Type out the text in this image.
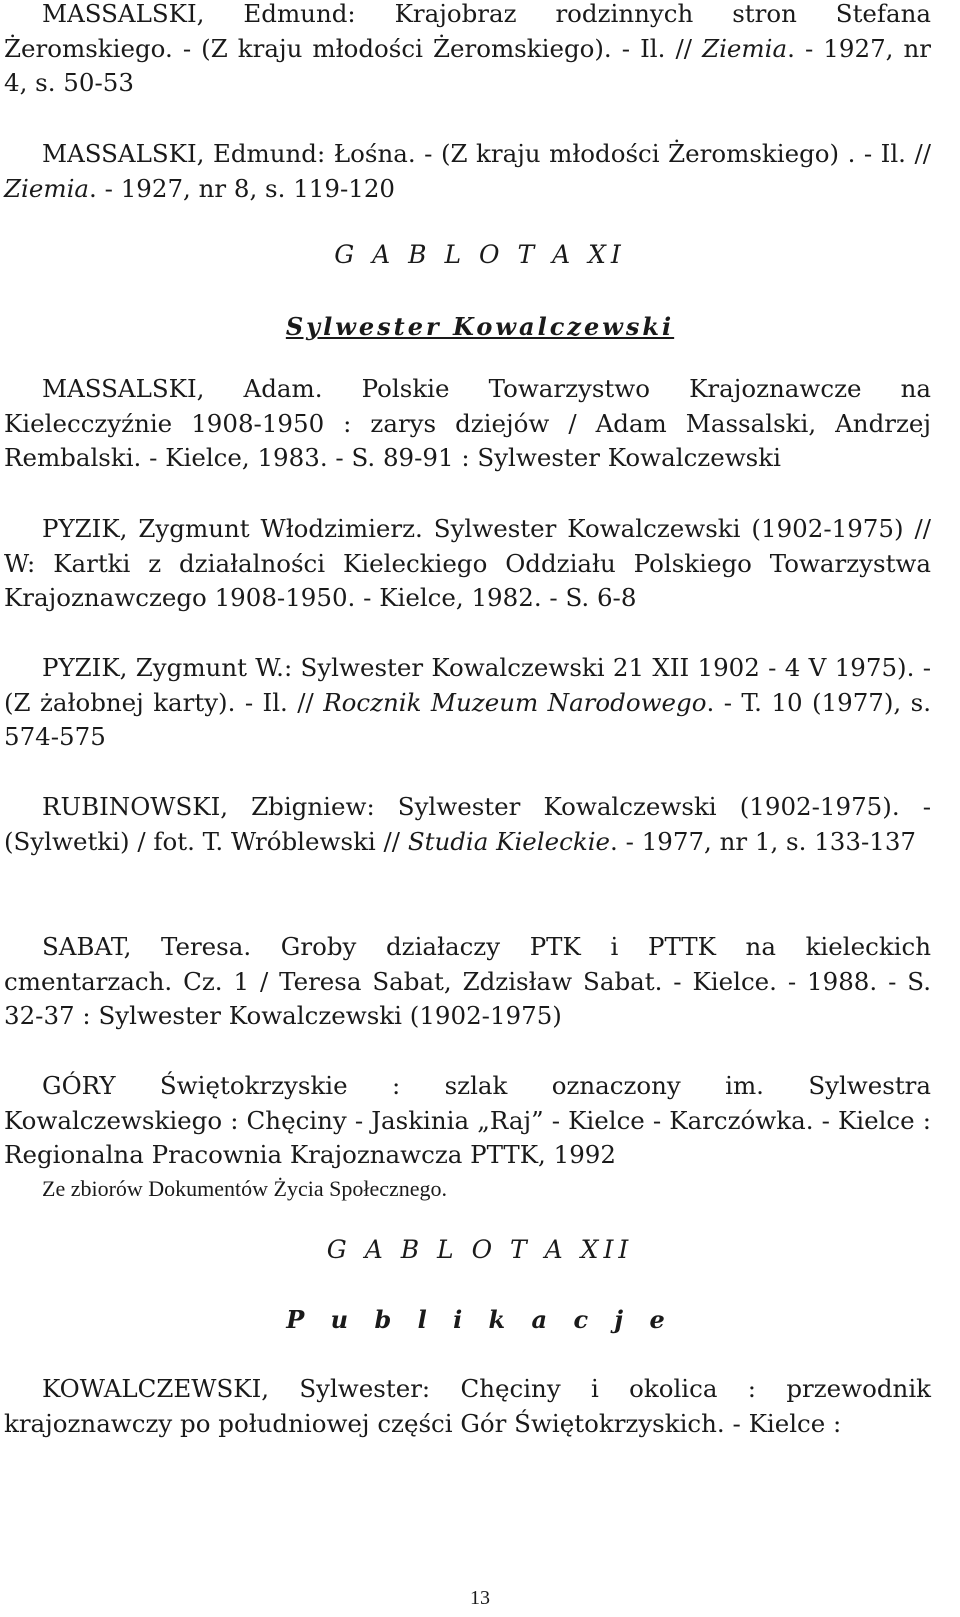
MASSALSKI, Edmund: Krajobraz rodzinnych stron Stefana Żeromskiego. - (Z kraju młodości Żeromskiego). - Il. // Ziemia. - 1927, nr 4, s. 50-53

MASSALSKI, Edmund: Łośna. - (Z kraju młodości Żeromskiego) . - Il. // Ziemia. - 1927, nr 8, s. 119-120

G A B L O T A XI
Sylwester Kowalczewski

MASSALSKI, Adam. Polskie Towarzystwo Krajoznawcze na Kielecczyźnie 1908-1950 : zarys dziejów / Adam Massalski, Andrzej Rembalski. - Kielce, 1983. - S. 89-91 : Sylwester Kowalczewski

PYZIK, Zygmunt Włodzimierz. Sylwester Kowalczewski (1902-1975) // W: Kartki z działalności Kieleckiego Oddziału Polskiego Towarzystwa Krajoznawczego 1908-1950. - Kielce, 1982. - S. 6-8

PYZIK, Zygmunt W.: Sylwester Kowalczewski 21 XII 1902 - 4 V 1975). - (Z żałobnej karty). - Il. // Rocznik Muzeum Narodowego. - T. 10 (1977), s. 574-575

RUBINOWSKI, Zbigniew: Sylwester Kowalczewski (1902-1975). - (Sylwetki) / fot. T. Wróblewski // Studia Kieleckie. - 1977, nr 1, s. 133-137

SABAT, Teresa. Groby działaczy PTK i PTTK na kieleckich cmentarzach. Cz. 1 / Teresa Sabat, Zdzisław Sabat. - Kielce. - 1988. - S. 32-37 : Sylwester Kowalczewski (1902-1975)

GÓRY Świętokrzyskie : szlak oznaczony im. Sylwestra Kowalczewskiego : Chęciny - Jaskinia „Raj” - Kielce - Karczówka. - Kielce : Regionalna Pracownia Krajoznawcza PTTK, 1992

Ze zbiorów Dokumentów Życia Społecznego.
G A B L O T A XII
P u b l i k a c j e

KOWALCZEWSKI, Sylwester: Chęciny i okolica : przewodnik krajoznawczy po południowej części Gór Świętokrzyskich. - Kielce :

13
